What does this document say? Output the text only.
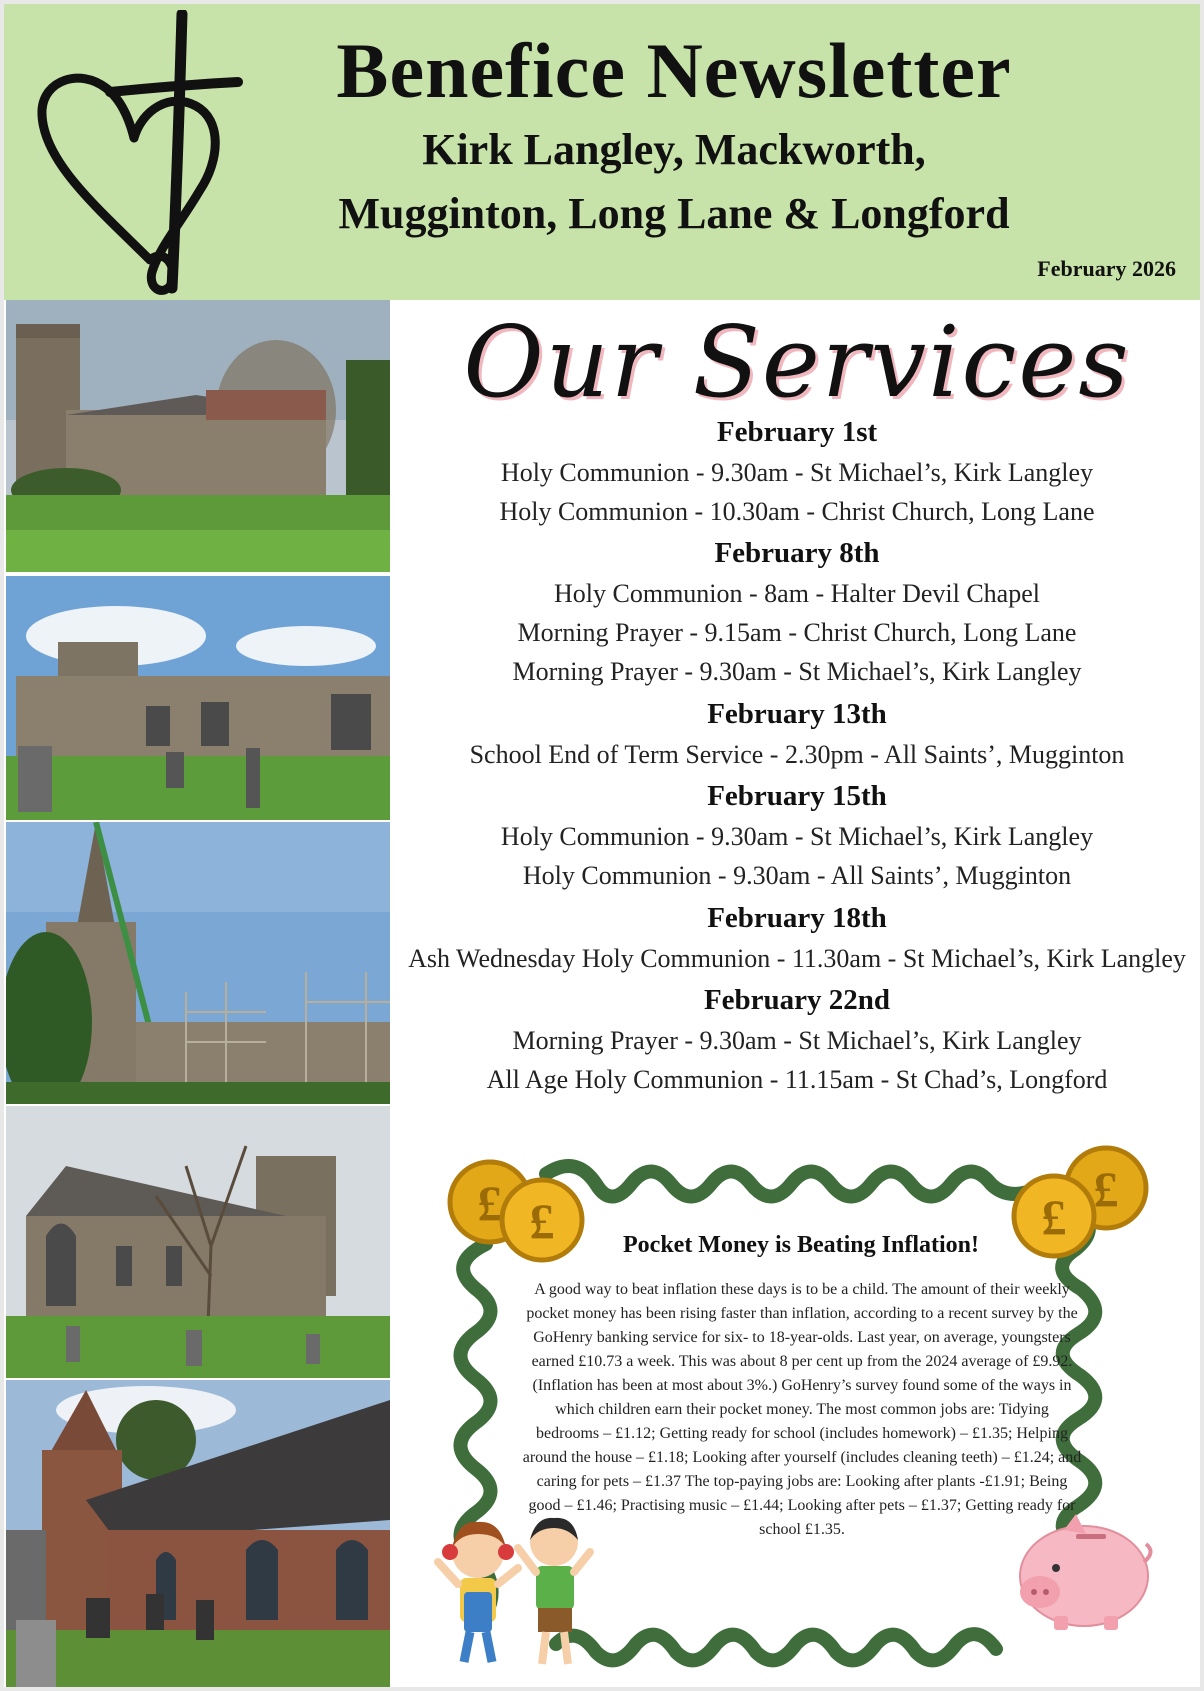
Benefice Newsletter
Kirk Langley, Mackworth,
Mugginton, Long Lane & Longford
February 2026
Our Services
February 1st
Holy Communion - 9.30am - St Michael’s, Kirk Langley
Holy Communion - 10.30am - Christ Church, Long Lane
February 8th
Holy Communion - 8am - Halter Devil Chapel
Morning Prayer - 9.15am - Christ Church, Long Lane
Morning Prayer - 9.30am - St Michael’s, Kirk Langley
February 13th
School End of Term Service - 2.30pm - All Saints’, Mugginton
February 15th
Holy Communion - 9.30am - St Michael’s, Kirk Langley
Holy Communion - 9.30am - All Saints’, Mugginton
February 18th
Ash Wednesday Holy Communion - 11.30am - St Michael’s, Kirk Langley
February 22nd
Morning Prayer - 9.30am - St Michael’s, Kirk Langley
All Age Holy Communion - 11.15am - St Chad’s, Longford
£ £
£
£
Pocket Money is Beating Inflation!
A good way to beat inflation these days is to be a child. The amount of their weekly pocket money has been rising faster than inflation, according to a recent survey by the GoHenry banking service for six- to 18-year-olds. Last year, on average, youngsters earned £10.73 a week. This was about 8 per cent up from the 2024 average of £9.92. (Inflation has been at most about 3%.) GoHenry’s survey found some of the ways in which children earn their pocket money. The most common jobs are: Tidying bedrooms – £1.12; Getting ready for school (includes homework) – £1.35; Helping around the house – £1.18; Looking after yourself (includes cleaning teeth) – £1.24; and caring for pets – £1.37 The top-paying jobs are: Looking after plants -£1.91; Being good – £1.46; Practising music – £1.44; Looking after pets – £1.37; Getting ready for school £1.35.
